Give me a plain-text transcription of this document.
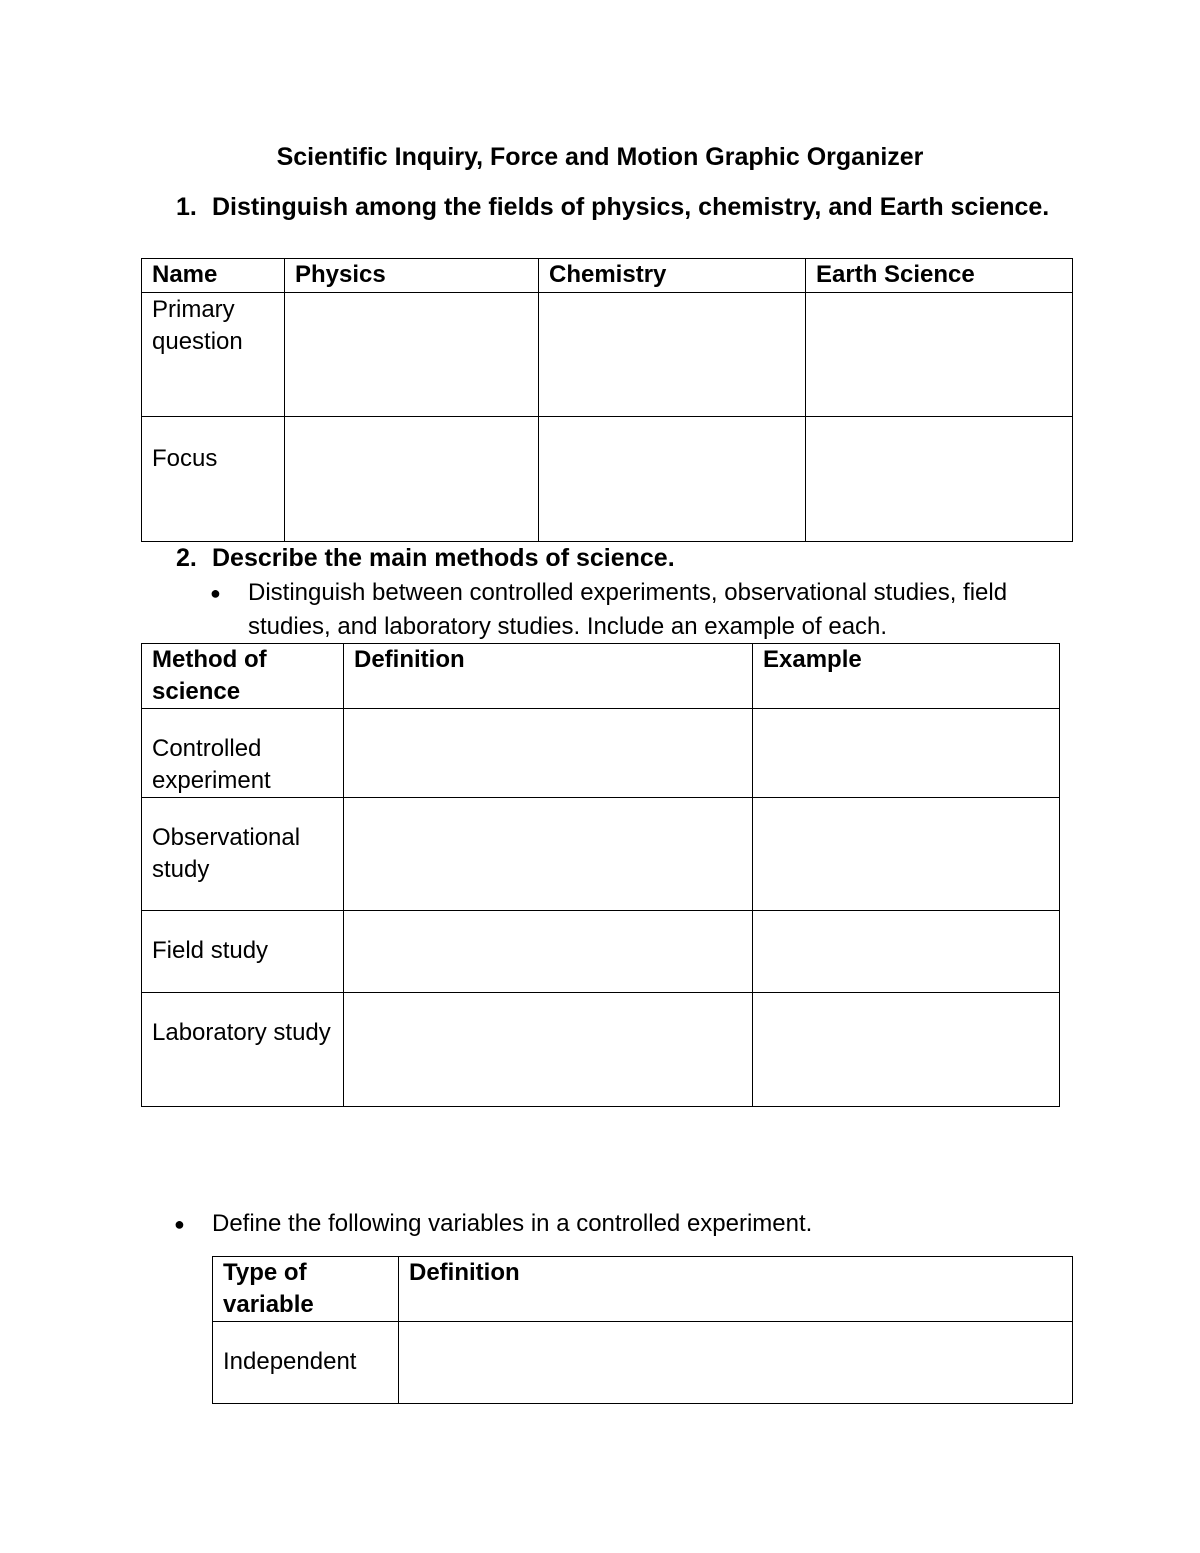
Scientific Inquiry, Force and Motion Graphic Organizer
1. Distinguish among the fields of physics, chemistry, and Earth science.
Name	Physics	Chemistry	Earth Science
Primary question			
Focus			
2. Describe the main methods of science.
● Distinguish between controlled experiments, observational studies, field studies, and laboratory studies. Include an example of each.
Method of science	Definition	Example
Controlled experiment		
Observational study		
Field study		
Laboratory study		
● Define the following variables in a controlled experiment.
Type of variable	Definition
Independent	
